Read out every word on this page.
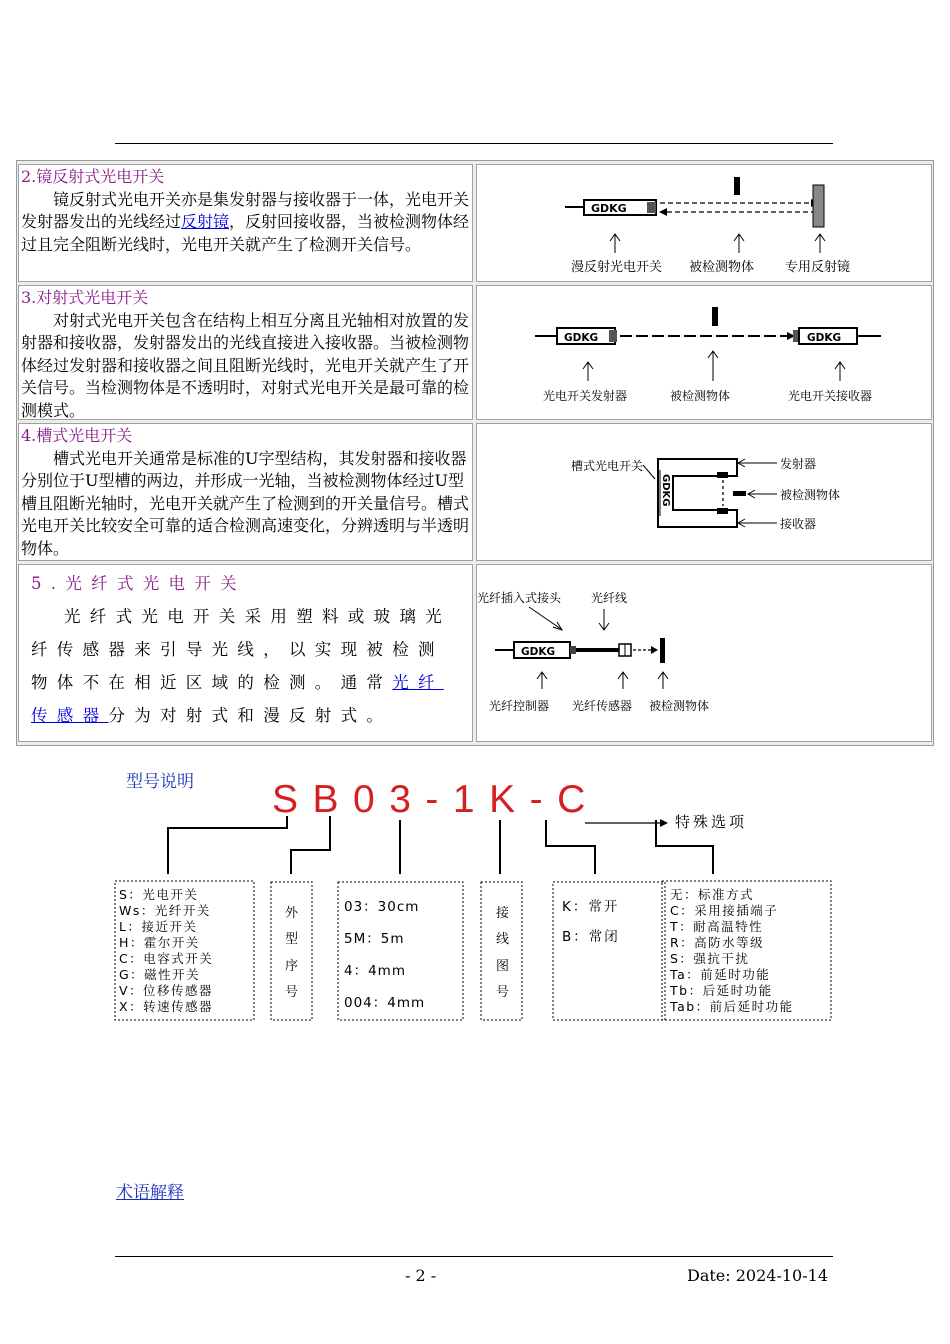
2.镜反射式光电开关
镜反射式光电开关亦是集发射器与接收器于一体，光电开关发射器发出的光线经过反射镜，反射回接收器，当被检测物体经过且完全阻断光线时，光电开关就产生了检测开关信号。
GDKG
漫反射光电开关 被检测物体 专用反射镜
3.对射式光电开关
对射式光电开关包含在结构上相互分离且光轴相对放置的发射器和接收器，发射器发出的光线直接进入接收器。当被检测物体经过发射器和接收器之间且阻断光线时，光电开关就产生了开关信号。当检测物体是不透明时，对射式光电开关是最可靠的检测模式。
GDKG	GDKG
光电开关发射器	被检测物体	光电开关接收器
4.槽式光电开关
槽式光电开关通常是标准的U字型结构，其发射器和接收器分别位于U型槽的两边，并形成一光轴，当被检测物体经过U型槽且阻断光轴时，光电开关就产生了检测到的开关量信号。槽式光电开关比较安全可靠的适合检测高速变化，分辨透明与半透明物体。
槽式光电开关
GDKG
发射器
被检测物体
接收器
5.光纤式光电开关
光纤式光电开关采用塑料或玻璃光纤传感器来引导光线，以实现被检测物体不在相近区域的检测。通常光纤传感器分为对射式和漫反射式。
光纤插入式接头 光纤线
GDKG
光纤控制器 光纤传感器 被检测物体
型号说明 SB03-1K-C
特殊选项
S：光电开关
Ws：光纤开关
L：接近开关
H：霍尔开关
C：电容式开关
G：磁性开关
V：位移传感器
X：转速传感器
外
型
序
号
03：30cm
5M：5m
4：4mm
004：4mm
接
线
图
号
K：常开
B：常闭
无：标准方式
C：采用接插端子
T：耐高温特性
R：高防水等级
S：强抗干扰
Ta：前延时功能
Tb：后延时功能
Tab：前后延时功能
术语解释
- 2 -	Date: 2024-10-14
